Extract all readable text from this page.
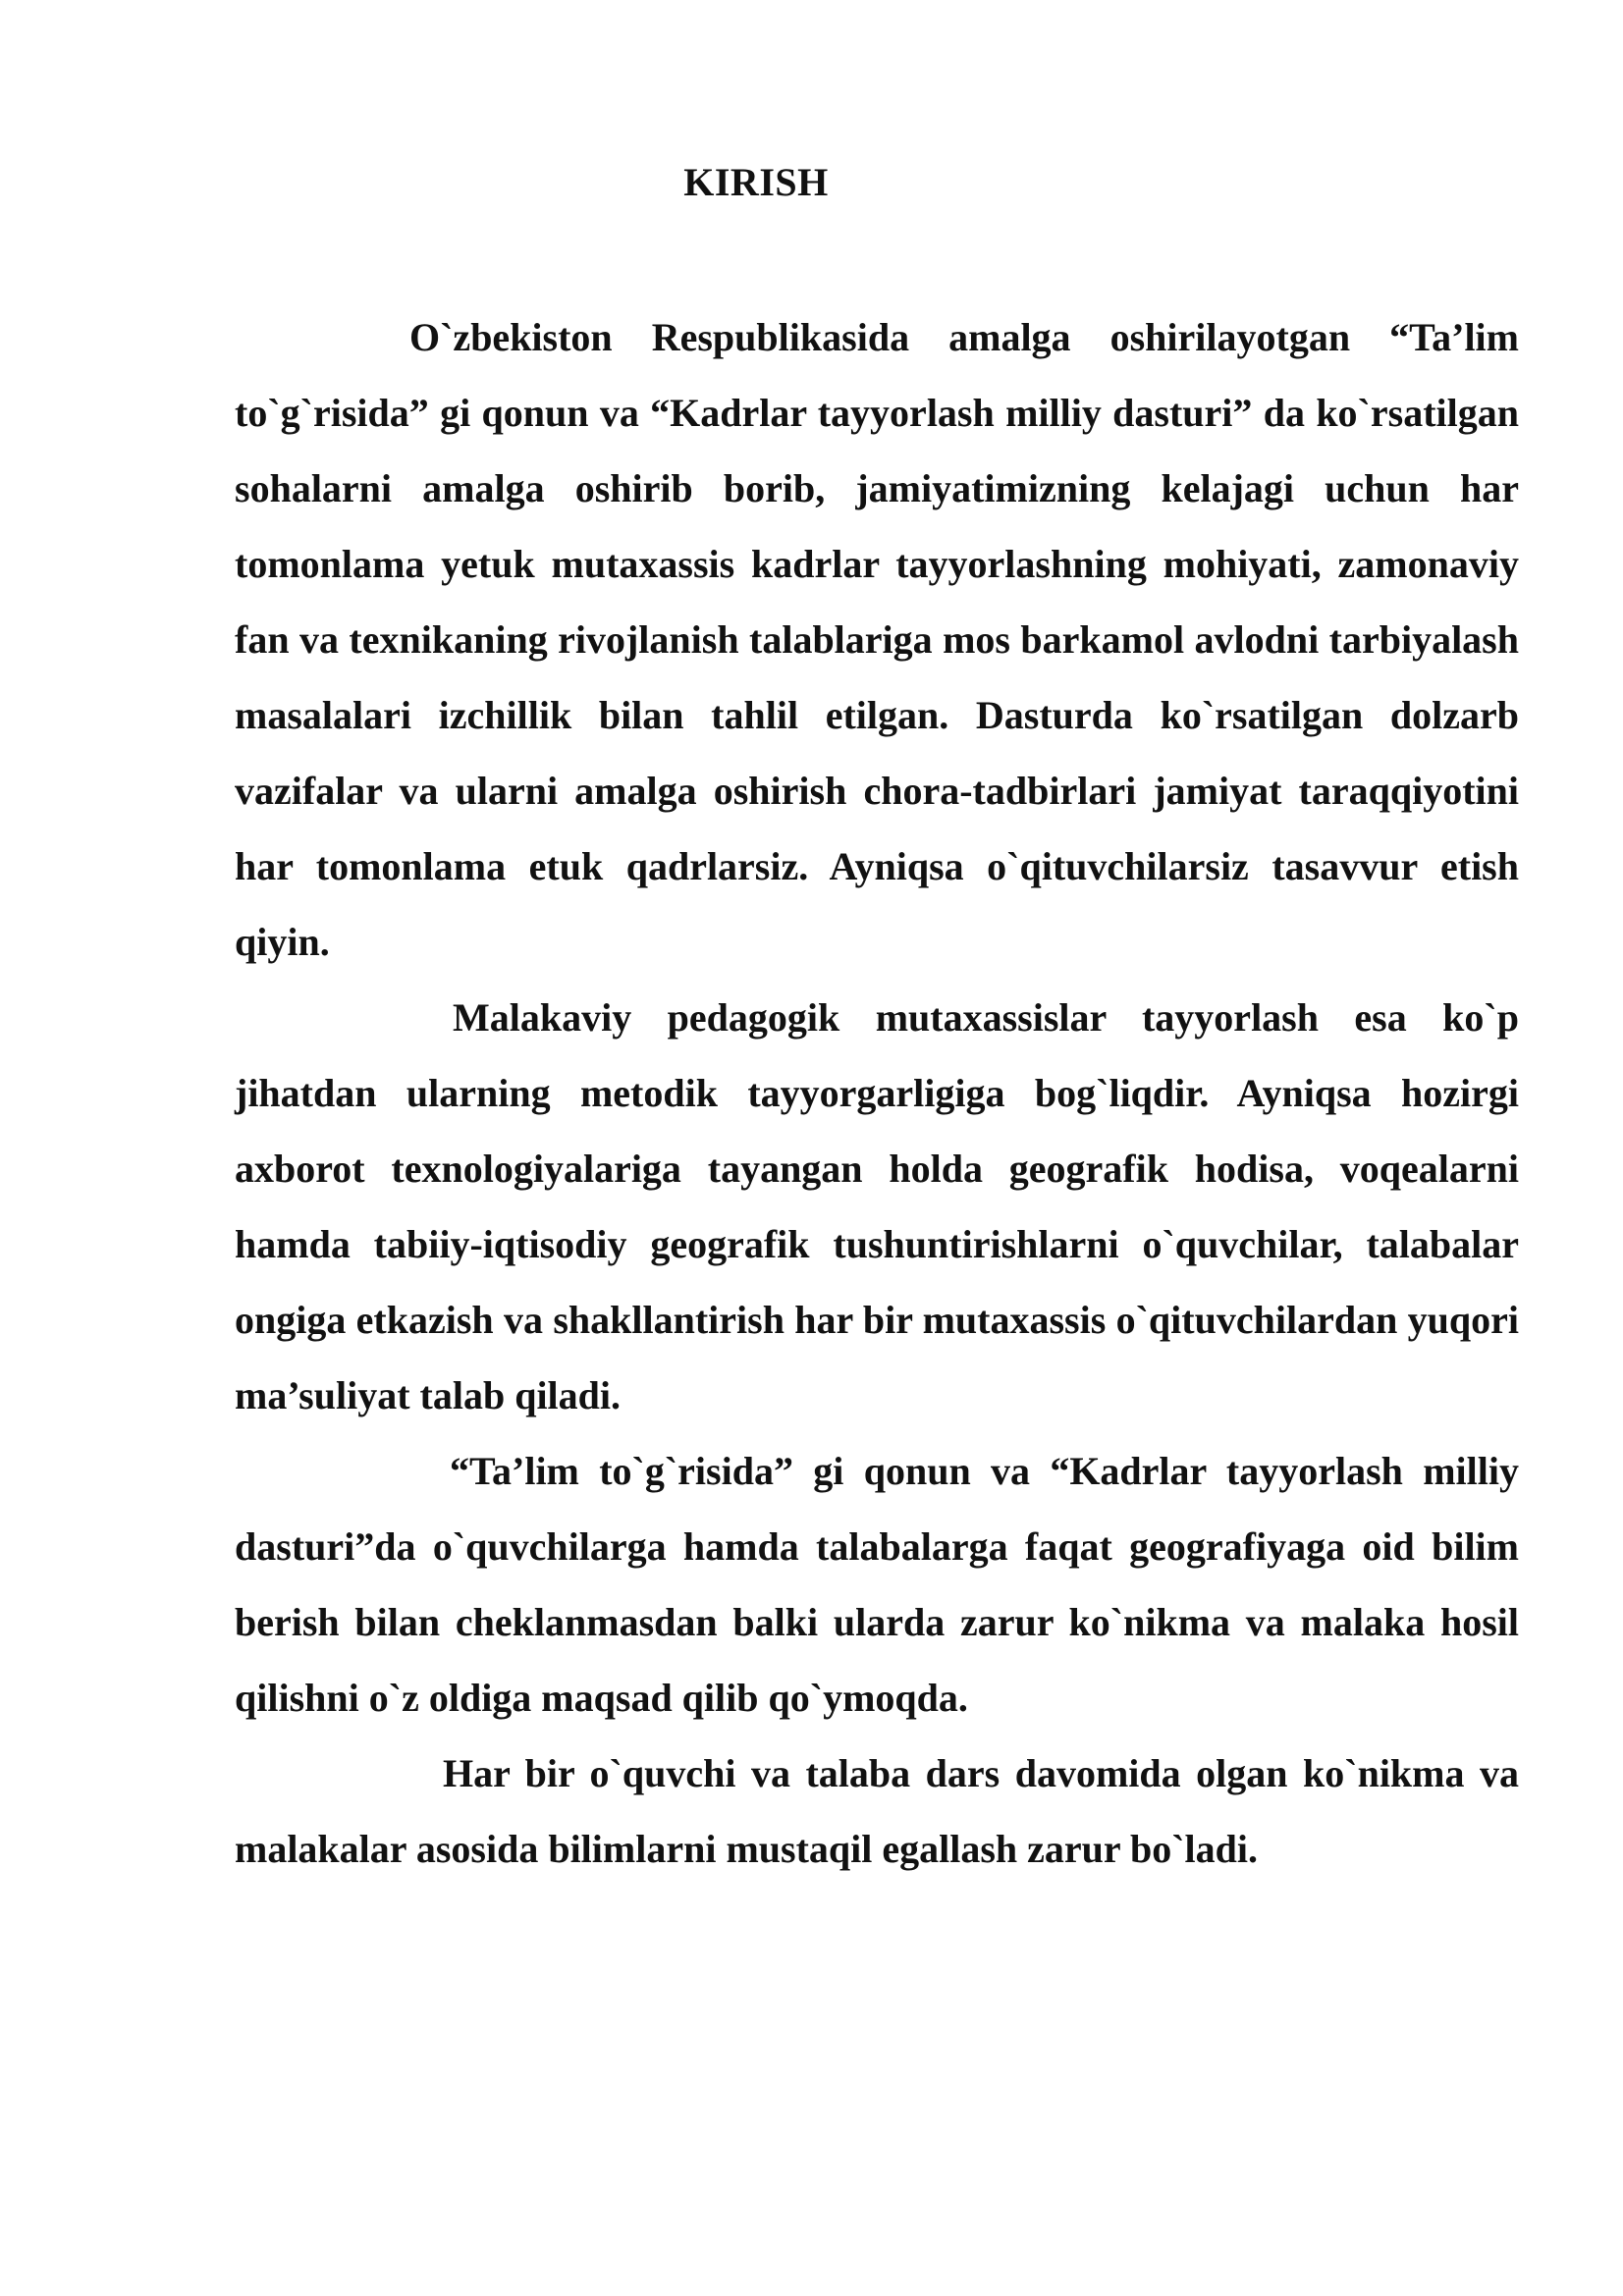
KIRISH

O`zbekiston Respublikasida amalga oshirilayotgan “Ta’lim to`g`risida” gi qonun va “Kadrlar tayyorlash milliy dasturi” da ko`rsatilgan sohalarni amalga oshirib borib, jamiyatimizning kelajagi uchun har tomonlama yetuk mutaxassis kadrlar tayyorlashning mohiyati, zamonaviy fan va texnikaning rivojlanish talablariga mos barkamol avlodni tarbiyalash masalalari izchillik bilan tahlil etilgan. Dasturda ko`rsatilgan dolzarb vazifalar va ularni amalga oshirish chora-tadbirlari jamiyat taraqqiyotini har tomonlama etuk qadrlarsiz. Ayniqsa o`qituvchilarsiz tasavvur etish qiyin.

Malakaviy pedagogik mutaxassislar tayyorlash esa ko`p jihatdan ularning metodik tayyorgarligiga bog`liqdir. Ayniqsa hozirgi axborot texnologiyalariga tayangan holda geografik hodisa, voqealarni hamda tabiiy-iqtisodiy geografik tushuntirishlarni o`quvchilar, talabalar ongiga etkazish va shakllantirish har bir mutaxassis o`qituvchilardan yuqori ma’suliyat talab qiladi.

“Ta’lim to`g`risida” gi qonun va “Kadrlar tayyorlash milliy dasturi”da o`quvchilarga hamda talabalarga faqat geografiyaga oid bilim berish bilan cheklanmasdan balki ularda zarur ko`nikma va malaka hosil qilishni o`z oldiga maqsad qilib qo`ymoqda.

Har bir o`quvchi va talaba dars davomida olgan ko`nikma va malakalar asosida bilimlarni mustaqil egallash zarur bo`ladi.
